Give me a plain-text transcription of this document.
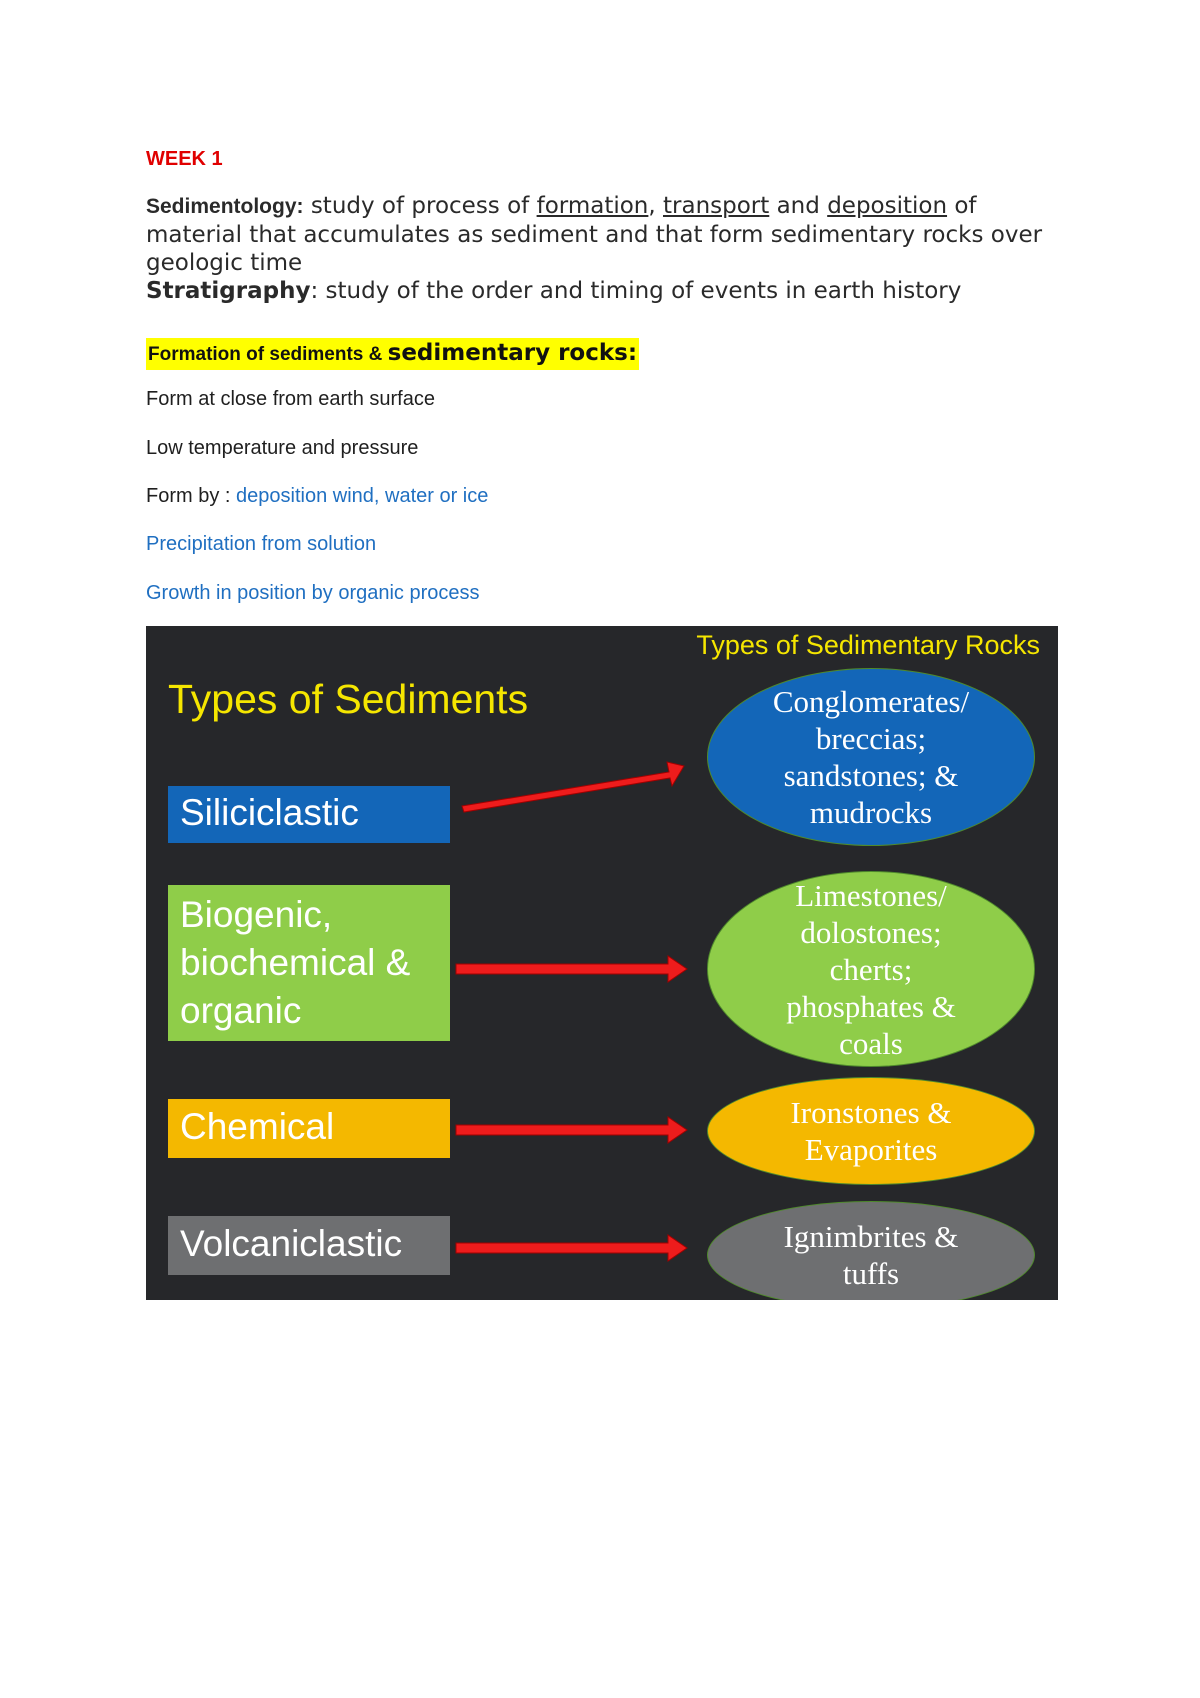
WEEK 1

Sedimentology: study of process of formation, transport and deposition of material that accumulates as sediment and that form sedimentary rocks over geologic time

Stratigraphy: study of the order and timing of events in earth history

Formation of sediments & sedimentary rocks:
Form at close from earth surface
Low temperature and pressure
Form by : deposition wind, water or ice
Precipitation from solution
Growth in position by organic process
Types of Sedimentary Rocks
Types of Sediments
Siliciclastic
Biogenic,
biochemical &
organic
Chemical
Volcaniclastic
Conglomerates/
breccias;
sandstones; &
mudrocks
Limestones/
dolostones;
cherts;
phosphates &
coals
Ironstones &
Evaporites
Ignimbrites &
tuffs
